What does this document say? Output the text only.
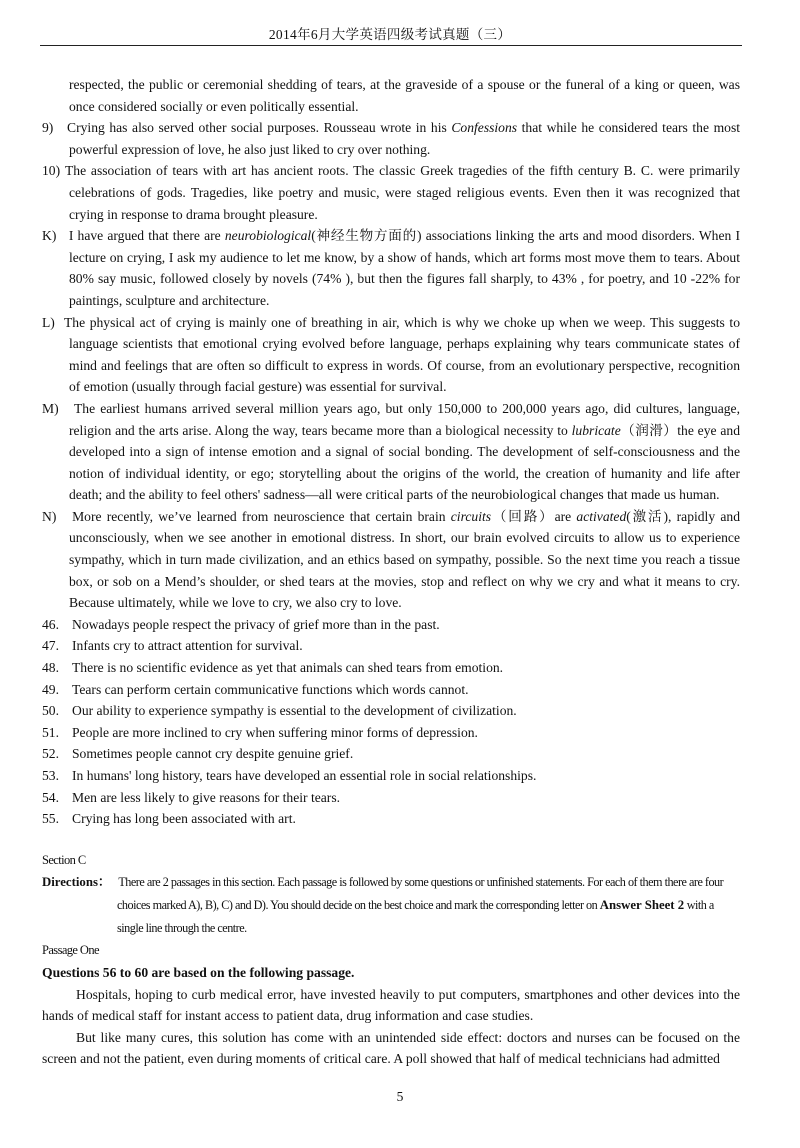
2014年6月大学英语四级考试真题（三）
respected, the public or ceremonial shedding of tears, at the graveside of a spouse or the funeral of a king or queen, was once considered socially or even politically essential.
9) Crying has also served other social purposes. Rousseau wrote in his Confessions that while he considered tears the most powerful expression of love, he also just liked to cry over nothing.
10) The association of tears with art has ancient roots. The classic Greek tragedies of the fifth century B. C. were primarily celebrations of gods. Tragedies, like poetry and music, were staged religious events. Even then it was recognized that crying in response to drama brought pleasure.
K) I have argued that there are neurobiological(神经生物方面的) associations linking the arts and mood disorders. When I lecture on crying, I ask my audience to let me know, by a show of hands, which art forms most move them to tears. About 80% say music, followed closely by novels (74% ), but then the figures fall sharply, to 43% , for poetry, and 10 -22% for paintings, sculpture and architecture.
L) The physical act of crying is mainly one of breathing in air, which is why we choke up when we weep. This suggests to language scientists that emotional crying evolved before language, perhaps explaining why tears communicate states of mind and feelings that are often so difficult to express in words. Of course, from an evolutionary perspective, recognition of emotion (usually through facial gesture) was essential for survival.
M) The earliest humans arrived several million years ago, but only 150,000 to 200,000 years ago, did cultures, language, religion and the arts arise. Along the way, tears became more than a biological necessity to lubricate（润滑）the eye and developed into a sign of intense emotion and a signal of social bonding. The development of self-consciousness and the notion of individual identity, or ego; storytelling about the origins of the world, the creation of humanity and life after death; and the ability to feel others' sadness—all were critical parts of the neurobiological changes that made us human.
N) More recently, we’ve learned from neuroscience that certain brain circuits（回路）are activated(激活), rapidly and unconsciously, when we see another in emotional distress. In short, our brain evolved circuits to allow us to experience sympathy, which in turn made civilization, and an ethics based on sympathy, possible. So the next time you reach a tissue box, or sob on a Mend’s shoulder, or shed tears at the movies, stop and reflect on why we cry and what it means to cry. Because ultimately, while we love to cry, we also cry to love.
46. Nowadays people respect the privacy of grief more than in the past.
47. Infants cry to attract attention for survival.
48. There is no scientific evidence as yet that animals can shed tears from emotion.
49. Tears can perform certain communicative functions which words cannot.
50. Our ability to experience sympathy is essential to the development of civilization.
51. People are more inclined to cry when suffering minor forms of depression.
52. Sometimes people cannot cry despite genuine grief.
53. In humans' long history, tears have developed an essential role in social relationships.
54. Men are less likely to give reasons for their tears.
55. Crying has long been associated with art.
Section C
Directions： There are 2 passages in this section. Each passage is followed by some questions or unfinished statements. For each of them there are four choices marked A), B), C) and D). You should decide on the best choice and mark the corresponding letter on Answer Sheet 2 with a single line through the centre.
Passage One
Questions 56 to 60 are based on the following passage.
Hospitals, hoping to curb medical error, have invested heavily to put computers, smartphones and other devices into the hands of medical staff for instant access to patient data, drug information and case studies.
But like many cures, this solution has come with an unintended side effect: doctors and nurses can be focused on the screen and not the patient, even during moments of critical care. A poll showed that half of medical technicians had admitted
5
